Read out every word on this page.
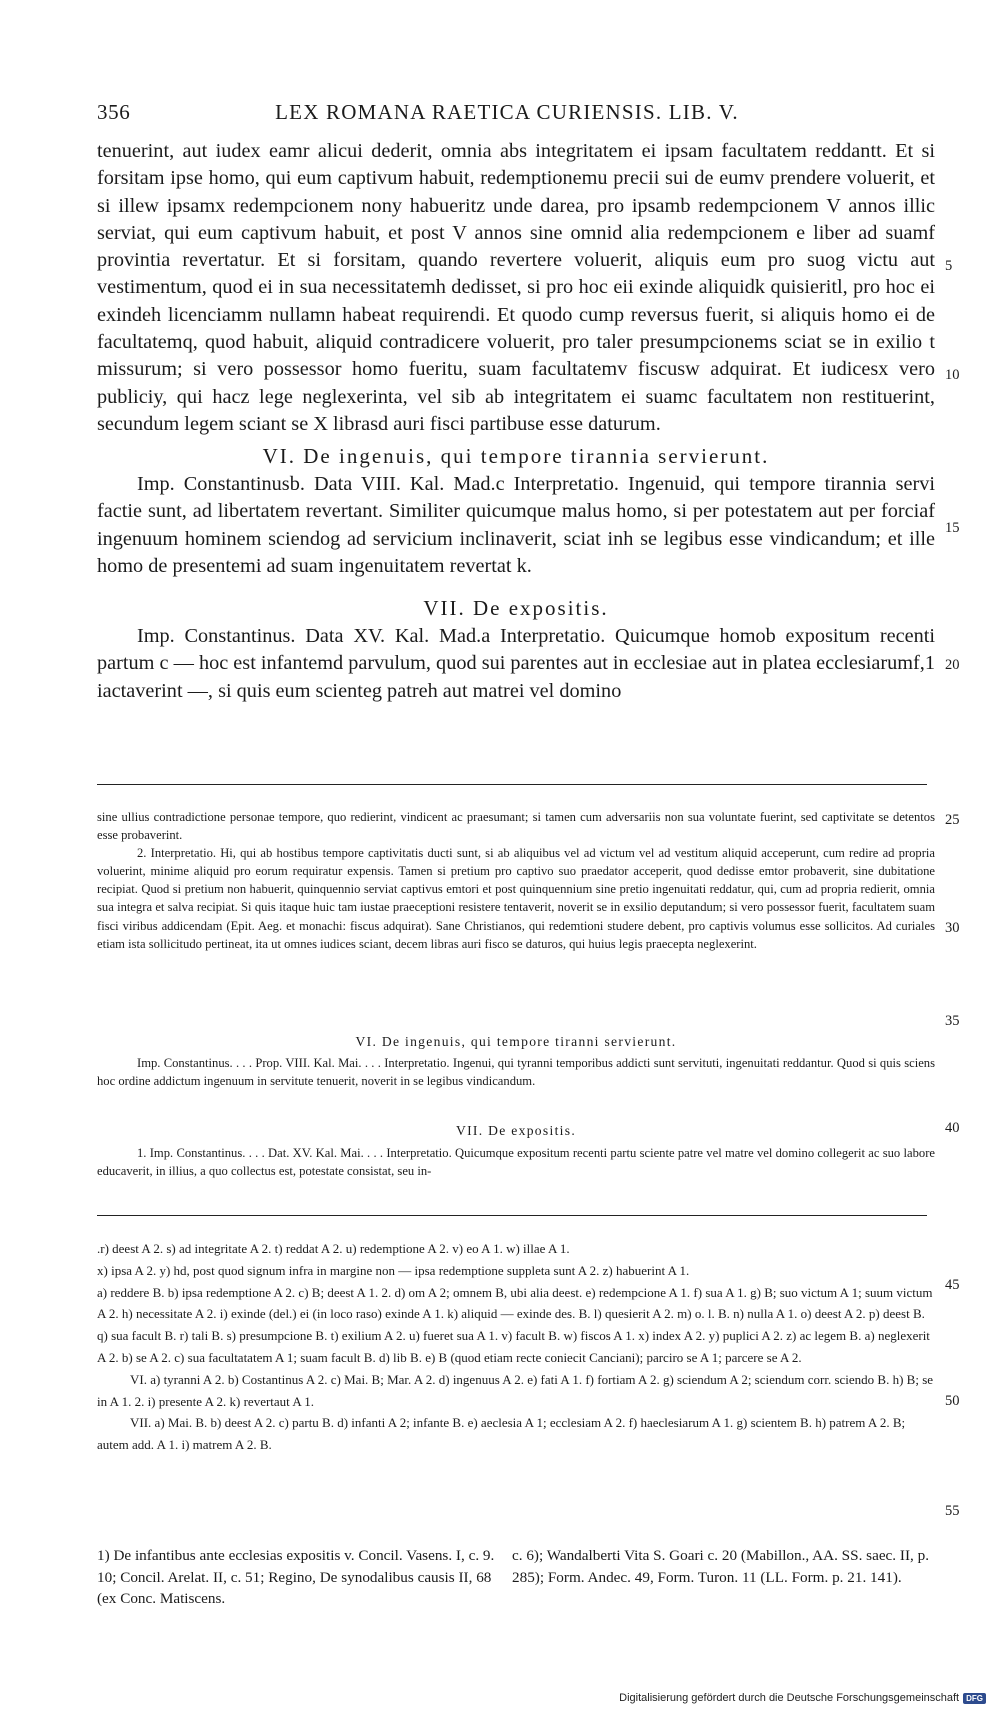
356	LEX ROMANA RAETICA CURIENSIS. LIB. V.

tenuerint, aut iudex eamr alicui dederit, omnia abs integritatem ei ipsam facultatem reddantt. Et si forsitam ipse homo, qui eum captivum habuit, redemptionemu precii sui de eumv prendere voluerit, et si illew ipsamx redempcionem nony habueritz unde darea, pro ipsamb redempcionem V annos illic serviat, qui eum captivum habuit, et post V annos sine omnid alia redempcionem e liber ad suamf provintia revertatur. Et si forsitam, quando revertere voluerit, aliquis eum pro suog victu aut vestimentum, quod ei in sua necessitatemh dedisset, si pro hoc eii exinde aliquidk quisieritl, pro hoc ei exindeh licenciamm nullamn habeat requirendi. Et quodo cump reversus fuerit, si aliquis homo ei de facultatemq, quod habuit, aliquid contradicere voluerit, pro taler presumpcionems sciat se in exilio t missurum; si vero possessor homo fueritu, suam facultatemv fiscusw adquirat. Et iudicesx vero publiciy, qui hacz lege neglexerinta, vel sib ab integritatem ei suamc facultatem non restituerint, secundum legem sciant se X librasd auri fisci partibuse esse daturum.

VI. De ingenuis, qui tempore tirannia servierunt.

Imp. Constantinusb. Data VIII. Kal. Mad.c Interpretatio. Ingenuid, qui tempore tirannia servi factie sunt, ad libertatem revertant. Similiter quicumque malus homo, si per potestatem aut per forciaf ingenuum hominem sciendog ad servicium inclinaverit, sciat inh se legibus esse vindicandum; et ille homo de presentemi ad suam ingenuitatem revertat k.

VII. De expositis.

Imp. Constantinus. Data XV. Kal. Mad.a Interpretatio. Quicumque homob expositum recenti partum c — hoc est infantemd parvulum, quod sui parentes aut in ecclesiae aut in platea ecclesiarumf,1 iactaverint —, si quis eum scienteg patreh aut matrei vel domino

5
10
15
20
25
30
35
40
45
50
55

sine ullius contradictione personae tempore, quo redierint, vindicent ac praesumant; si tamen cum adversariis non sua voluntate fuerint, sed captivitate se detentos esse probaverint.

2. Interpretatio. Hi, qui ab hostibus tempore captivitatis ducti sunt, si ab aliquibus vel ad victum vel ad vestitum aliquid acceperunt, cum redire ad propria voluerint, minime aliquid pro eorum requiratur expensis. Tamen si pretium pro captivo suo praedator acceperit, quod dedisse emtor probaverit, sine dubitatione recipiat. Quod si pretium non habuerit, quinquennio serviat captivus emtori et post quinquennium sine pretio ingenuitati reddatur, qui, cum ad propria redierit, omnia sua integra et salva recipiat. Si quis itaque huic tam iustae praeceptioni resistere tentaverit, noverit se in exsilio deputandum; si vero possessor fuerit, facultatem suam fisci viribus addicendam (Epit. Aeg. et monachi: fiscus adquirat). Sane Christianos, qui redemtioni studere debent, pro captivis volumus esse sollicitos. Ad curiales etiam ista sollicitudo pertineat, ita ut omnes iudices sciant, decem libras auri fisco se daturos, qui huius legis praecepta neglexerint.

VI. De ingenuis, qui tempore tiranni servierunt.

Imp. Constantinus. . . . Prop. VIII. Kal. Mai. . . . Interpretatio. Ingenui, qui tyranni temporibus addicti sunt servituti, ingenuitati reddantur. Quod si quis sciens hoc ordine addictum ingenuum in servitute tenuerit, noverit in se legibus vindicandum.

VII. De expositis.

1. Imp. Constantinus. . . . Dat. XV. Kal. Mai. . . . Interpretatio. Quicumque expositum recenti partu sciente patre vel matre vel domino collegerit ac suo labore educaverit, in illius, a quo collectus est, potestate consistat, seu in-

.r) deest A 2. s) ad integritate A 2. t) reddat A 2. u) redemptione A 2. v) eo A 1. w) illae A 1.

x) ipsa A 2. y) hd, post quod signum infra in margine non — ipsa redemptione suppleta sunt A 2. z) habuerint A 1.

a) reddere B. b) ipsa redemptione A 2. c) B; deest A 1. 2. d) om A 2; omnem B, ubi alia deest. e) redempcione A 1. f) sua A 1. g) B; suo victum A 1; suum victum A 2. h) necessitate A 2. i) exinde (del.) ei (in loco raso) exinde A 1. k) aliquid — exinde des. B. l) quesierit A 2. m) o. l. B. n) nulla A 1. o) deest A 2. p) deest B. q) sua facult B. r) tali B. s) presumpcione B. t) exilium A 2. u) fueret sua A 1. v) facult B. w) fiscos A 1. x) index A 2. y) puplici A 2. z) ac legem B. a) neglexerit A 2. b) se A 2. c) sua facultatatem A 1; suam facult B. d) lib B. e) B (quod etiam recte coniecit Canciani); parciro se A 1; parcere se A 2.

VI. a) tyranni A 2. b) Costantinus A 2. c) Mai. B; Mar. A 2. d) ingenuus A 2. e) fati A 1. f) fortiam A 2. g) sciendum A 2; sciendum corr. sciendo B. h) B; se in A 1. 2. i) presente A 2. k) revertaut A 1.

VII. a) Mai. B. b) deest A 2. c) partu B. d) infanti A 2; infante B. e) aeclesia A 1; ecclesiam A 2. f) haeclesiarum A 1. g) scientem B. h) patrem A 2. B; autem add. A 1. i) matrem A 2. B.

1) De infantibus ante ecclesias expositis v. Concil. Vasens. I, c. 9. 10; Concil. Arelat. II, c. 51; Regino, De synodalibus causis II, 68 (ex Conc. Matiscens.
c. 6); Wandalberti Vita S. Goari c. 20 (Mabillon., AA. SS. saec. II, p. 285); Form. Andec. 49, Form. Turon. 11 (LL. Form. p. 21. 141).
Digitalisierung gefördert durch die Deutsche Forschungsgemeinschaft DFG
